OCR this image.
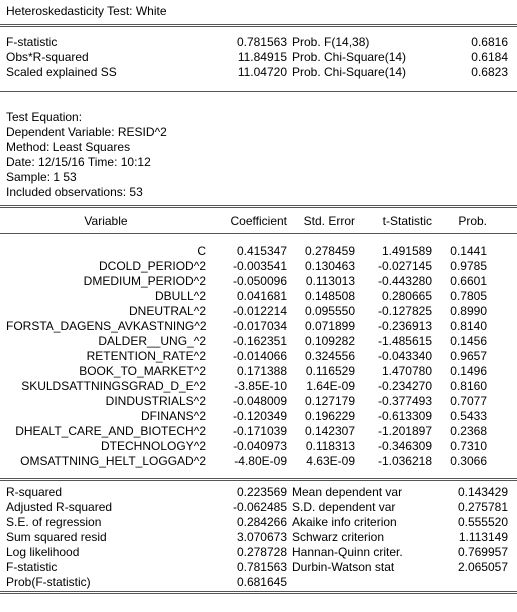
Heteroskedasticity Test: White
F-statistic	0.781563 Prob. F(14,38)	0.6816
Obs*R-squared	11.84915 Prob. Chi-Square(14)	0.6184
Scaled explained SS	11.04720 Prob. Chi-Square(14)	0.6823
Test Equation:
Dependent Variable: RESID^2
Method: Least Squares
Date: 12/15/16 Time: 10:12
Sample: 1 53
Included observations: 53
Variable	Coefficient	Std. Error	t-Statistic	Prob.
C	0.415347	0.278459	1.491589	0.1441
DCOLD_PERIOD^2	-0.003541	0.130463	-0.027145	0.9785
DMEDIUM_PERIOD^2	-0.050096	0.113013	-0.443280	0.6601
DBULL^2	0.041681	0.148508	0.280665	0.7805
DNEUTRAL^2	-0.012214	0.095550	-0.127825	0.8990
FORSTA_DAGENS_AVKASTNING^2	-0.017034	0.071899	-0.236913	0.8140
DALDER__UNG_^2	-0.162351	0.109282	-1.485615	0.1456
RETENTION_RATE^2	-0.014066	0.324556	-0.043340	0.9657
BOOK_TO_MARKET^2	0.171388	0.116529	1.470780	0.1496
SKULDSATTNINGSGRAD_D_E^2	-3.85E-10	1.64E-09	-0.234270	0.8160
DINDUSTRIALS^2	-0.048009	0.127179	-0.377493	0.7077
DFINANS^2	-0.120349	0.196229	-0.613309	0.5433
DHEALT_CARE_AND_BIOTECH^2	-0.171039	0.142307	-1.201897	0.2368
DTECHNOLOGY^2	-0.040973	0.118313	-0.346309	0.7310
OMSATTNING_HELT_LOGGAD^2	-4.80E-09	4.63E-09	-1.036218	0.3066
R-squared	0.223569 Mean dependent var	0.143429
Adjusted R-squared	-0.062485 S.D. dependent var	0.275781
S.E. of regression	0.284266 Akaike info criterion	0.555520
Sum squared resid	3.070673 Schwarz criterion	1.113149
Log likelihood	0.278728 Hannan-Quinn criter.	0.769957
F-statistic	0.781563 Durbin-Watson stat	2.065057
Prob(F-statistic)	0.681645
